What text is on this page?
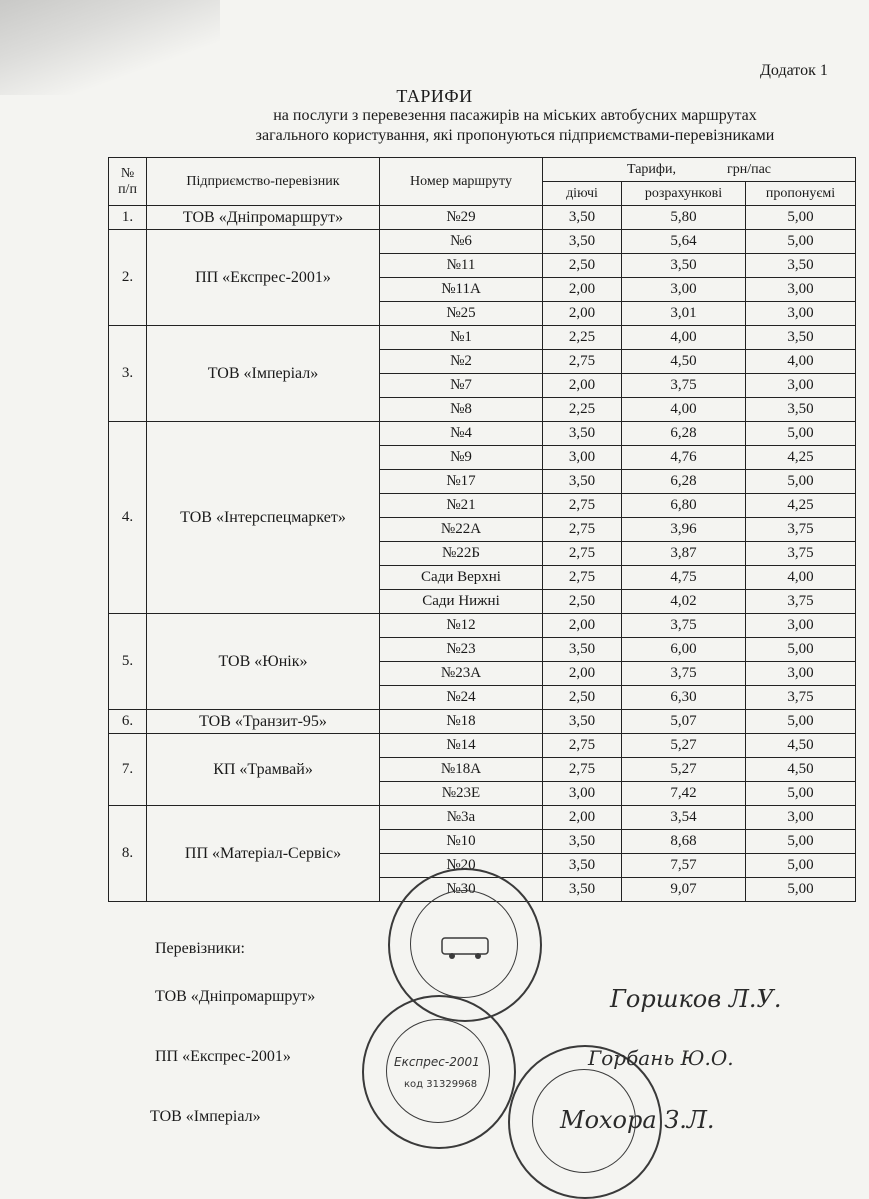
Додаток 1
ТАРИФИ
на послуги з перевезення пасажирів на міських автобусних маршрутах
загального користування, які пропонуються підприємствами-перевізниками
№
п/п	Підприємство-перевізник	Номер маршруту	Тарифи, грн/пас		
			діючі	розрахункові	пропонуємі
1.	ТОВ «Дніпромаршрут»	№29	3,50	5,80	5,00
2.	ПП «Експрес-2001»	№6	3,50	5,64	5,00
		№11	2,50	3,50	3,50
		№11А	2,00	3,00	3,00
		№25	2,00	3,01	3,00
3.	ТОВ «Імперіал»	№1	2,25	4,00	3,50
		№2	2,75	4,50	4,00
		№7	2,00	3,75	3,00
		№8	2,25	4,00	3,50
4.	ТОВ «Інтерспецмаркет»	№4	3,50	6,28	5,00
		№9	3,00	4,76	4,25
		№17	3,50	6,28	5,00
		№21	2,75	6,80	4,25
		№22А	2,75	3,96	3,75
		№22Б	2,75	3,87	3,75
		Сади Верхні	2,75	4,75	4,00
		Сади Нижні	2,50	4,02	3,75
5.	ТОВ «Юнік»	№12	2,00	3,75	3,00
		№23	3,50	6,00	5,00
		№23А	2,00	3,75	3,00
		№24	2,50	6,30	3,75
6.	ТОВ «Транзит-95»	№18	3,50	5,07	5,00
7.	КП «Трамвай»	№14	2,75	5,27	4,50
		№18А	2,75	5,27	4,50
		№23Е	3,00	7,42	5,00
8.	ПП «Матеріал-Сервіс»	№3а	2,00	3,54	3,00
		№10	3,50	8,68	5,00
		№20	3,50	7,57	5,00
		№30	3,50	9,07	5,00
Перевізники:
ТОВ «Дніпромаршрут»
ПП «Експрес-2001»
ТОВ «Імперіал»
Експрес-2001
код 31329968
Горшков Л.У.
Горбань Ю.О.
Мохора З.Л.
